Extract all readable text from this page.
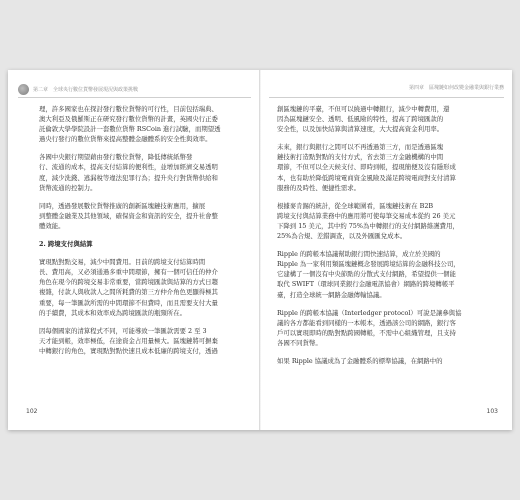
第二章　全球央行數位貨幣發展現況與政策挑戰
理，許多國家也在探討發行數位貨幣的可行性，目前包括瑞典、
澳大利亞及俄羅斯正在研究發行數位貨幣的計畫，英國央行正委
託倫敦大學學院設計一套數位貨幣 RSCoin 進行試驗，而期望透
過央行發行的數位貨幣來提高整體金融體系的安全性與效率。
各國中央銀行期望藉由發行數位貨幣，降低傳統紙幣發
行、流通的成本，提高支付結算的便利性，並增加經濟交易透明
度，減少洗錢、逃漏稅等違法犯罪行為；提升央行對貨幣供給和
貨幣流通的控制力。
同時，透過發展數位貨幣推廣的創新區塊鏈技術應用，擴展
到整體金融業及其他領域，確保資金和資訊的安全，提升社會整
體效能。
2. 跨境支付與結算
實現點對點交易，減少中間費用。目前的跨境支付結算時間
長、費用高，又必須通過多重中間環節，擁有一個可信任的仲介
角色在現今的跨境交易非常重要，當跨境匯款與結算的方式日趨
複雜，付款人與收款人之間所耗費的第三方仲介角色更顯得極其
重要，每一筆匯款所需的中間環節不但費時，而且需要支付大量
的手續費，其成本和效率成為跨境匯款的瓶頸所在。
因每個國家的清算程式不同，可能導致一筆匯款需要 2 至 3
天才能到帳，效率極低，在途資金占用量極大。區塊鏈將可摒棄
中轉銀行的角色，實現點對點快速且成本低廉的跨境支付，透過
102
第四章　區塊鏈如何改變金融業與銀行業務
創區塊鏈的平臺，不但可以繞過中轉銀行，減少中轉費用，還
因為區塊鏈安全、透明、低風險的特性，提高了跨境匯款的
安全性，以及加快結算與清算速度，大大提高資金利用率。
未來，銀行與銀行之間可以不再透過第三方，而是透過區塊
鏈技術打造點對點的支付方式，省去第三方金融機構的中間
環節，不但可以全天候支付、即時到帳，提現簡便及沒有隱形成
本，也有助於降低跨境電商資金風險及滿足跨境電商對支付清算
服務的及時性、便捷性需求。
根據麥肯錫的統計，從全球範圍看，區塊鏈技術在 B2B
跨境支付與結算業務中的應用將可使每筆交易成本從約 26 美元
下降到 15 美元，其中約 75%為中轉銀行的支付網路維護費用，
25%為合規、差錯調查，以及外匯匯兌成本。
Ripple 的跨帳本協議幫助銀行間快速結算，成立於美國的
Ripple 為一家利用類區塊鏈概念發展跨境結算的金融科技公司，
它建構了一個沒有中央節點的分散式支付網路，希望提供一個能
取代 SWIFT（環球同業銀行金融電訊協會）網路的跨境轉帳平
臺，打造全球統一網路金融傳輸協議。
Ripple 的跨帳本協議（Interledger protocol）可說是讓參與協
議的各方都能看到同樣的一本帳本，透過該公司的網路，銀行客
戶可以實現即時的點對點跨國轉帳，不需中心組織管理，且支持
各國不同貨幣。
如果 Ripple 協議成為了金融體系的標準協議，在網路中的
103
